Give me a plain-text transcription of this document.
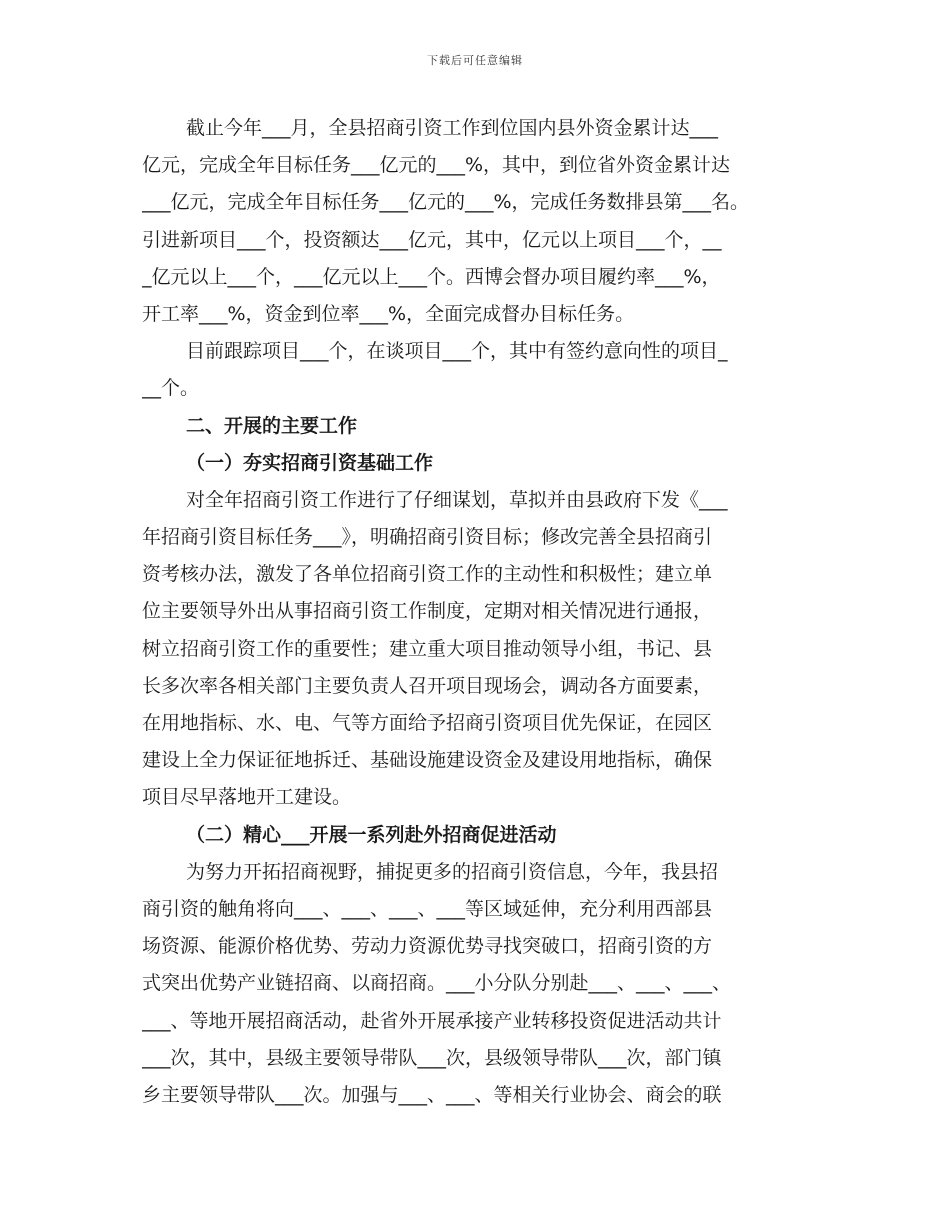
下载后可任意编辑
截止今年___月，全县招商引资工作到位国内县外资金累计达___
亿元，完成全年目标任务___亿元的___%，其中，到位省外资金累计达
___亿元，完成全年目标任务___亿元的___%，完成任务数排县第___名。
引进新项目___个，投资额达___亿元，其中，亿元以上项目___个，__
_亿元以上___个，___亿元以上___个。西博会督办项目履约率___%，
开工率___%，资金到位率___%，全面完成督办目标任务。
目前跟踪项目___个，在谈项目___个，其中有签约意向性的项目_
__个。
二、开展的主要工作
（一）夯实招商引资基础工作
对全年招商引资工作进行了仔细谋划，草拟并由县政府下发《___
年招商引资目标任务___》，明确招商引资目标；修改完善全县招商引
资考核办法，激发了各单位招商引资工作的主动性和积极性；建立单
位主要领导外出从事招商引资工作制度，定期对相关情况进行通报，
树立招商引资工作的重要性；建立重大项目推动领导小组，书记、县
长多次率各相关部门主要负责人召开项目现场会，调动各方面要素，
在用地指标、水、电、气等方面给予招商引资项目优先保证，在园区
建设上全力保证征地拆迁、基础设施建设资金及建设用地指标，确保
项目尽早落地开工建设。
（二）精心___开展一系列赴外招商促进活动
为努力开拓招商视野，捕捉更多的招商引资信息，今年，我县招
商引资的触角将向___、___、___、___等区域延伸，充分利用西部县
场资源、能源价格优势、劳动力资源优势寻找突破口，招商引资的方
式突出优势产业链招商、以商招商。___小分队分别赴___、___、___、
___、等地开展招商活动，赴省外开展承接产业转移投资促进活动共计
___次，其中，县级主要领导带队___次，县级领导带队___次，部门镇
乡主要领导带队___次。加强与___、___、等相关行业协会、商会的联
